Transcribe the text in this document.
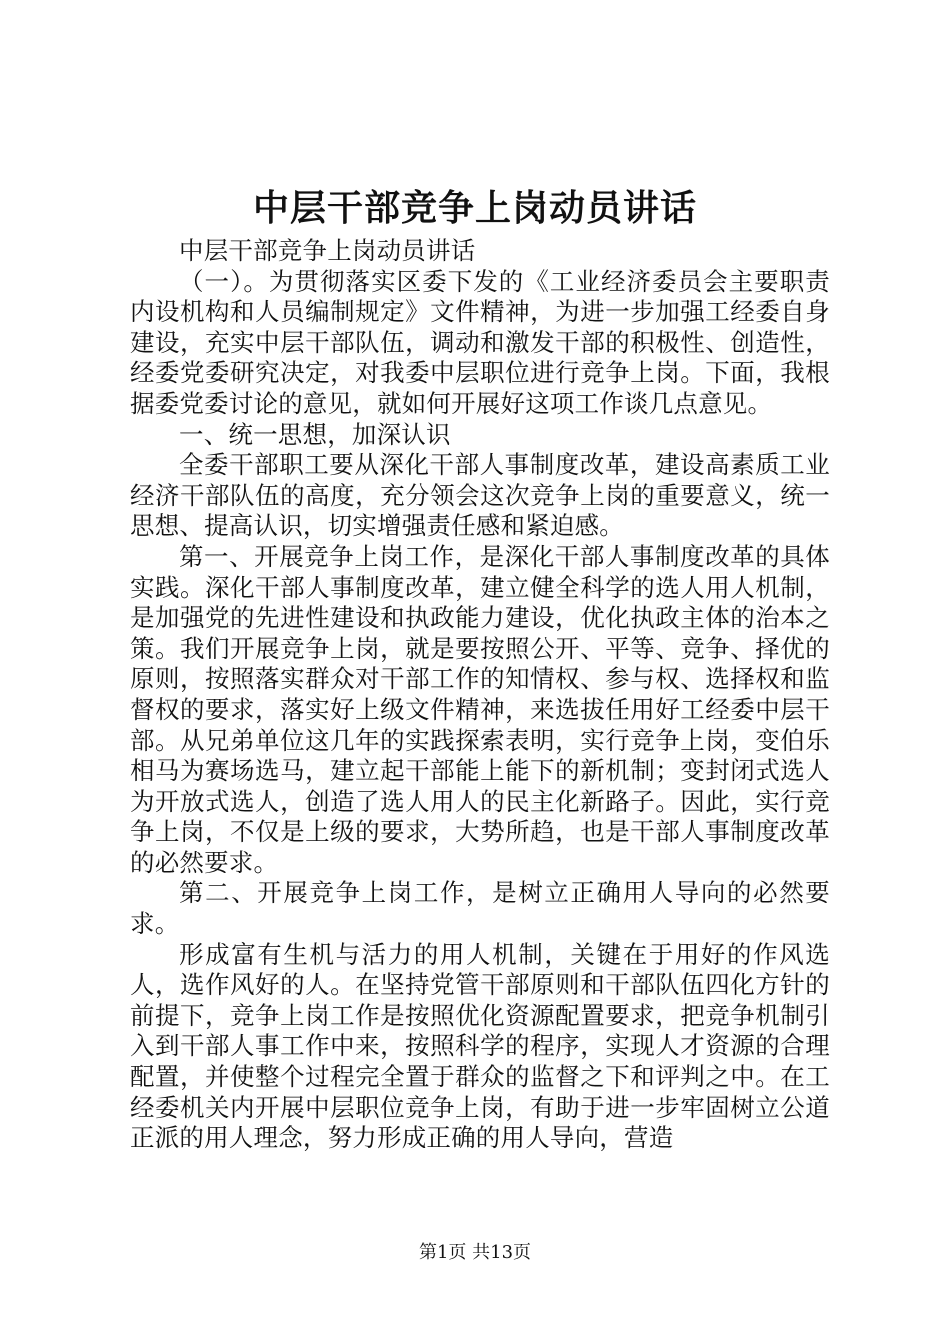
中层干部竞争上岗动员讲话

中层干部竞争上岗动员讲话

（一）。为贯彻落实区委下发的《工业经济委员会主要职责内设机构和人员编制规定》文件精神，为进一步加强工经委自身建设，充实中层干部队伍，调动和激发干部的积极性、创造性，经委党委研究决定，对我委中层职位进行竞争上岗。下面，我根据委党委讨论的意见，就如何开展好这项工作谈几点意见。

一、统一思想，加深认识

全委干部职工要从深化干部人事制度改革，建设高素质工业经济干部队伍的高度，充分领会这次竞争上岗的重要意义，统一思想、提高认识，切实增强责任感和紧迫感。

第一、开展竞争上岗工作，是深化干部人事制度改革的具体实践。深化干部人事制度改革，建立健全科学的选人用人机制，是加强党的先进性建设和执政能力建设，优化执政主体的治本之策。我们开展竞争上岗，就是要按照公开、平等、竞争、择优的原则，按照落实群众对干部工作的知情权、参与权、选择权和监督权的要求，落实好上级文件精神，来选拔任用好工经委中层干部。从兄弟单位这几年的实践探索表明，实行竞争上岗，变伯乐相马为赛场选马，建立起干部能上能下的新机制；变封闭式选人为开放式选人，创造了选人用人的民主化新路子。因此，实行竞争上岗，不仅是上级的要求，大势所趋，也是干部人事制度改革的必然要求。

第二、开展竞争上岗工作，是树立正确用人导向的必然要求。

形成富有生机与活力的用人机制，关键在于用好的作风选人，选作风好的人。在坚持党管干部原则和干部队伍四化方针的前提下，竞争上岗工作是按照优化资源配置要求，把竞争机制引入到干部人事工作中来，按照科学的程序，实现人才资源的合理配置，并使整个过程完全置于群众的监督之下和评判之中。在工经委机关内开展中层职位竞争上岗，有助于进一步牢固树立公道正派的用人理念，努力形成正确的用人导向，营造

第1页 共13页
